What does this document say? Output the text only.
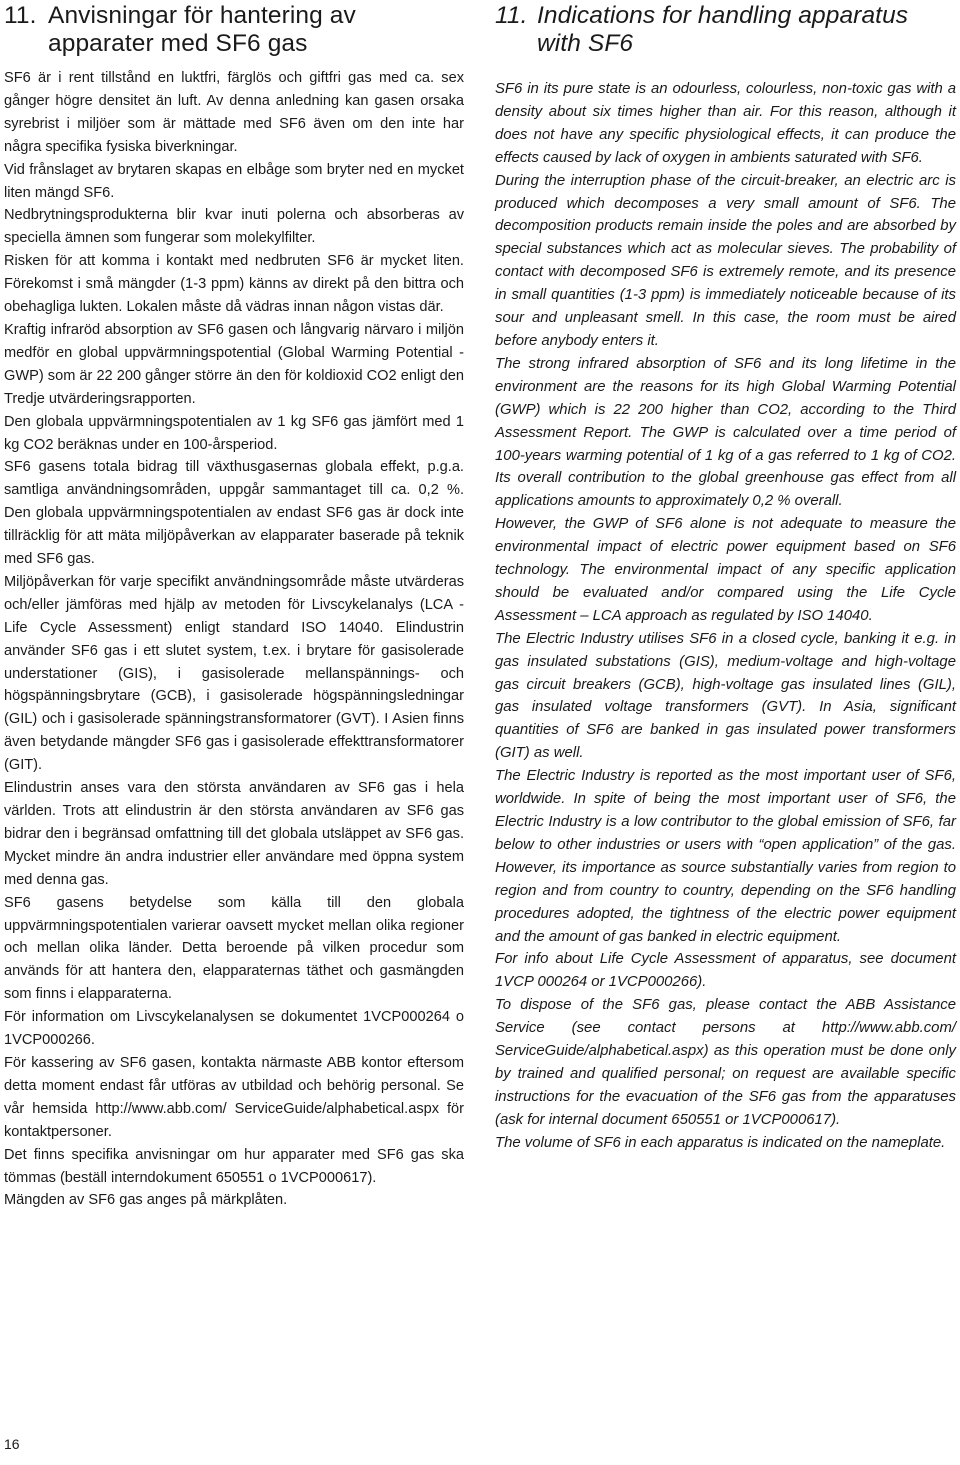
11. Anvisningar för hantering av apparater med SF6 gas

SF6 är i rent tillstånd en luktfri, färglös och giftfri gas med ca. sex gånger högre densitet än luft. Av denna anledning kan gasen orsaka syrebrist i miljöer som är mättade med SF6 även om den inte har några specifika fysiska biverkningar.

Vid frånslaget av brytaren skapas en elbåge som bryter ned en mycket liten mängd SF6.

Nedbrytningsprodukterna blir kvar inuti polerna och absorberas av speciella ämnen som fungerar som molekylfilter.

Risken för att komma i kontakt med nedbruten SF6 är mycket liten. Förekomst i små mängder (1-3 ppm) känns av direkt på den bittra och obehagliga lukten. Lokalen måste då vädras innan någon vistas där.

Kraftig infraröd absorption av SF6 gasen och långvarig närvaro i miljön medför en global uppvärmningspotential (Global Warming Potential - GWP) som är 22 200 gånger större än den för koldioxid CO2 enligt den Tredje utvärderingsrapporten.

Den globala uppvärmningspotentialen av 1 kg SF6 gas jämfört med 1 kg CO2 beräknas under en 100-årsperiod.

SF6 gasens totala bidrag till växthusgasernas globala effekt, p.g.a. samtliga användningsområden, uppgår sammantaget till ca. 0,2 %. Den globala uppvärmningspotentialen av endast SF6 gas är dock inte tillräcklig för att mäta miljöpåverkan av elapparater baserade på teknik med SF6 gas.

Miljöpåverkan för varje specifikt användningsområde måste utvärderas och/eller jämföras med hjälp av metoden för Livscykelanalys (LCA - Life Cycle Assessment) enligt standard ISO 14040. Elindustrin använder SF6 gas i ett slutet system, t.ex. i brytare för gasisolerade understationer (GIS), i gasisolerade mellanspännings- och högspänningsbrytare (GCB), i gasisolerade högspänningsledningar (GIL) och i gasisolerade spänningstransformatorer (GVT). I Asien finns även betydande mängder SF6 gas i gasisolerade effekttransformatorer (GIT).

Elindustrin anses vara den största användaren av SF6 gas i hela världen. Trots att elindustrin är den största användaren av SF6 gas bidrar den i begränsad omfattning till det globala utsläppet av SF6 gas. Mycket mindre än andra industrier eller användare med öppna system med denna gas.

SF6 gasens betydelse som källa till den globala uppvärmningspotentialen varierar oavsett mycket mellan olika regioner och mellan olika länder. Detta beroende på vilken procedur som används för att hantera den, elapparaternas täthet och gasmängden som finns i elapparaterna.

För information om Livscykelanalysen se dokumentet 1VCP000264 o 1VCP000266.

För kassering av SF6 gasen, kontakta närmaste ABB kontor eftersom detta moment endast får utföras av utbildad och behörig personal. Se vår hemsida http://www.abb.com/ ServiceGuide/alphabetical.aspx för kontaktpersoner.

Det finns specifika anvisningar om hur apparater med SF6 gas ska tömmas (beställ interndokument 650551 o 1VCP000617).

Mängden av SF6 gas anges på märkplåten.

11. Indications for handling apparatus with SF6

SF6 in its pure state is an odourless, colourless, non-toxic gas with a density about six times higher than air. For this reason, although it does not have any specific physiological effects, it can produce the effects caused by lack of oxygen in ambients saturated with SF6.

During the interruption phase of the circuit-breaker, an electric arc is produced which decomposes a very small amount of SF6. The decomposition products remain inside the poles and are absorbed by special substances which act as molecular sieves. The probability of contact with decomposed SF6 is extremely remote, and its presence in small quantities (1-3 ppm) is immediately noticeable because of its sour and unpleasant smell. In this case, the room must be aired before anybody enters it.

The strong infrared absorption of SF6 and its long lifetime in the environment are the reasons for its high Global Warming Potential (GWP) which is 22 200 higher than CO2, according to the Third Assessment Report. The GWP is calculated over a time period of 100-years warming potential of 1 kg of a gas referred to 1 kg of CO2. Its overall contribution to the global greenhouse gas effect from all applications amounts to approximately 0,2 % overall.

However, the GWP of SF6 alone is not adequate to measure the environmental impact of electric power equipment based on SF6 technology. The environmental impact of any specific application should be evaluated and/or compared using the Life Cycle Assessment – LCA approach as regulated by ISO 14040.

The Electric Industry utilises SF6 in a closed cycle, banking it e.g. in gas insulated substations (GIS), medium-voltage and high-voltage gas circuit breakers (GCB), high-voltage gas insulated lines (GIL), gas insulated voltage transformers (GVT). In Asia, significant quantities of SF6 are banked in gas insulated power transformers (GIT) as well.

The Electric Industry is reported as the most important user of SF6, worldwide. In spite of being the most important user of SF6, the Electric Industry is a low contributor to the global emission of SF6, far below to other industries or users with “open application” of the gas. However, its importance as source substantially varies from region to region and from country to country, depending on the SF6 handling procedures adopted, the tightness of the electric power equipment and the amount of gas banked in electric equipment.

For info about Life Cycle Assessment of apparatus, see document 1VCP 000264 or 1VCP000266).

To dispose of the SF6 gas, please contact the ABB Assistance Service (see contact persons at http://www.abb.com/ ServiceGuide/alphabetical.aspx) as this operation must be done only by trained and qualified personal; on request are available specific instructions for the evacuation of the SF6 gas from the apparatuses (ask for internal document 650551 or 1VCP000617).

The volume of SF6 in each apparatus is indicated on the nameplate.

16
